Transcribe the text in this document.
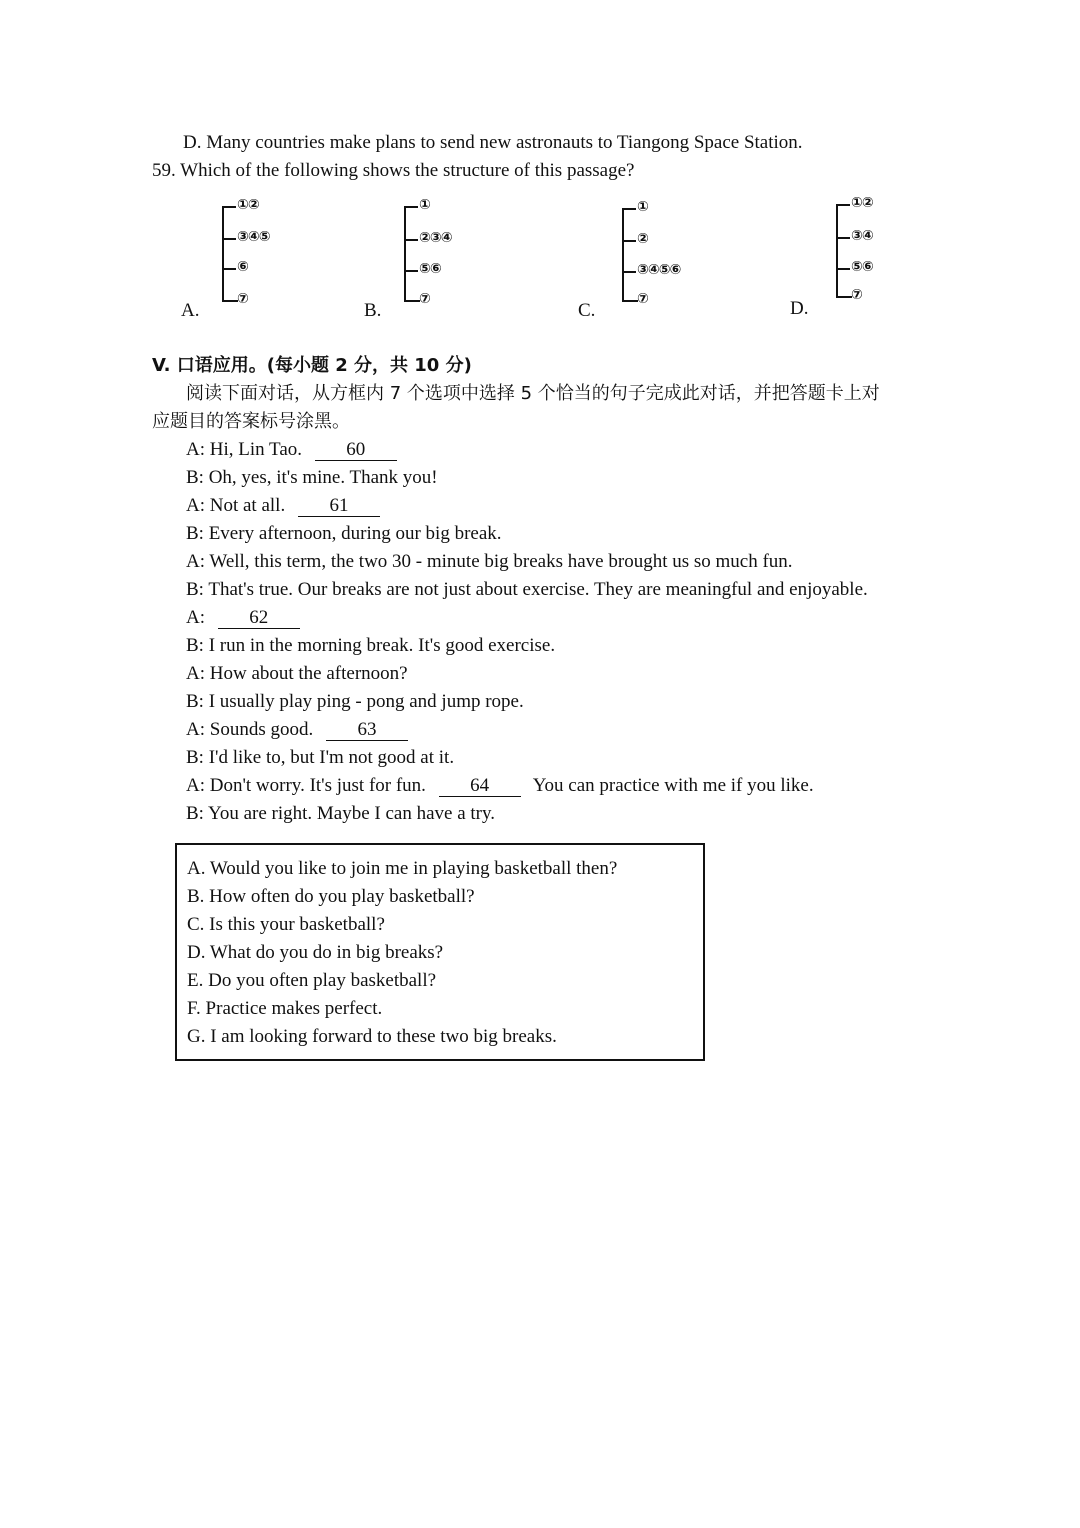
D. Many countries make plans to send new astronauts to Tiangong Space Station.
59. Which of the following shows the structure of this passage?
①②
③④⑤
⑥
⑦
A.
①
②③④
⑤⑥
⑦
B.
①
②
③④⑤⑥
⑦
C.
①②
③④
⑤⑥
⑦
D.
V. 口语应用。(每小题 2 分，共 10 分)
阅读下面对话，从方框内 7 个选项中选择 5 个恰当的句子完成此对话，并把答题卡上对
应题目的答案标号涂黑。
A: Hi, Lin Tao. 60
B: Oh, yes, it's mine. Thank you!
A: Not at all. 61
B: Every afternoon, during our big break.
A: Well, this term, the two 30 - minute big breaks have brought us so much fun.
B: That's true. Our breaks are not just about exercise. They are meaningful and enjoyable.
A: 62
B: I run in the morning break. It's good exercise.
A: How about the afternoon?
B: I usually play ping - pong and jump rope.
A: Sounds good. 63
B: I'd like to, but I'm not good at it.
A: Don't worry. It's just for fun. 64 You can practice with me if you like.
B: You are right. Maybe I can have a try.
A. Would you like to join me in playing basketball then?
B. How often do you play basketball?
C. Is this your basketball?
D. What do you do in big breaks?
E. Do you often play basketball?
F. Practice makes perfect.
G. I am looking forward to these two big breaks.
